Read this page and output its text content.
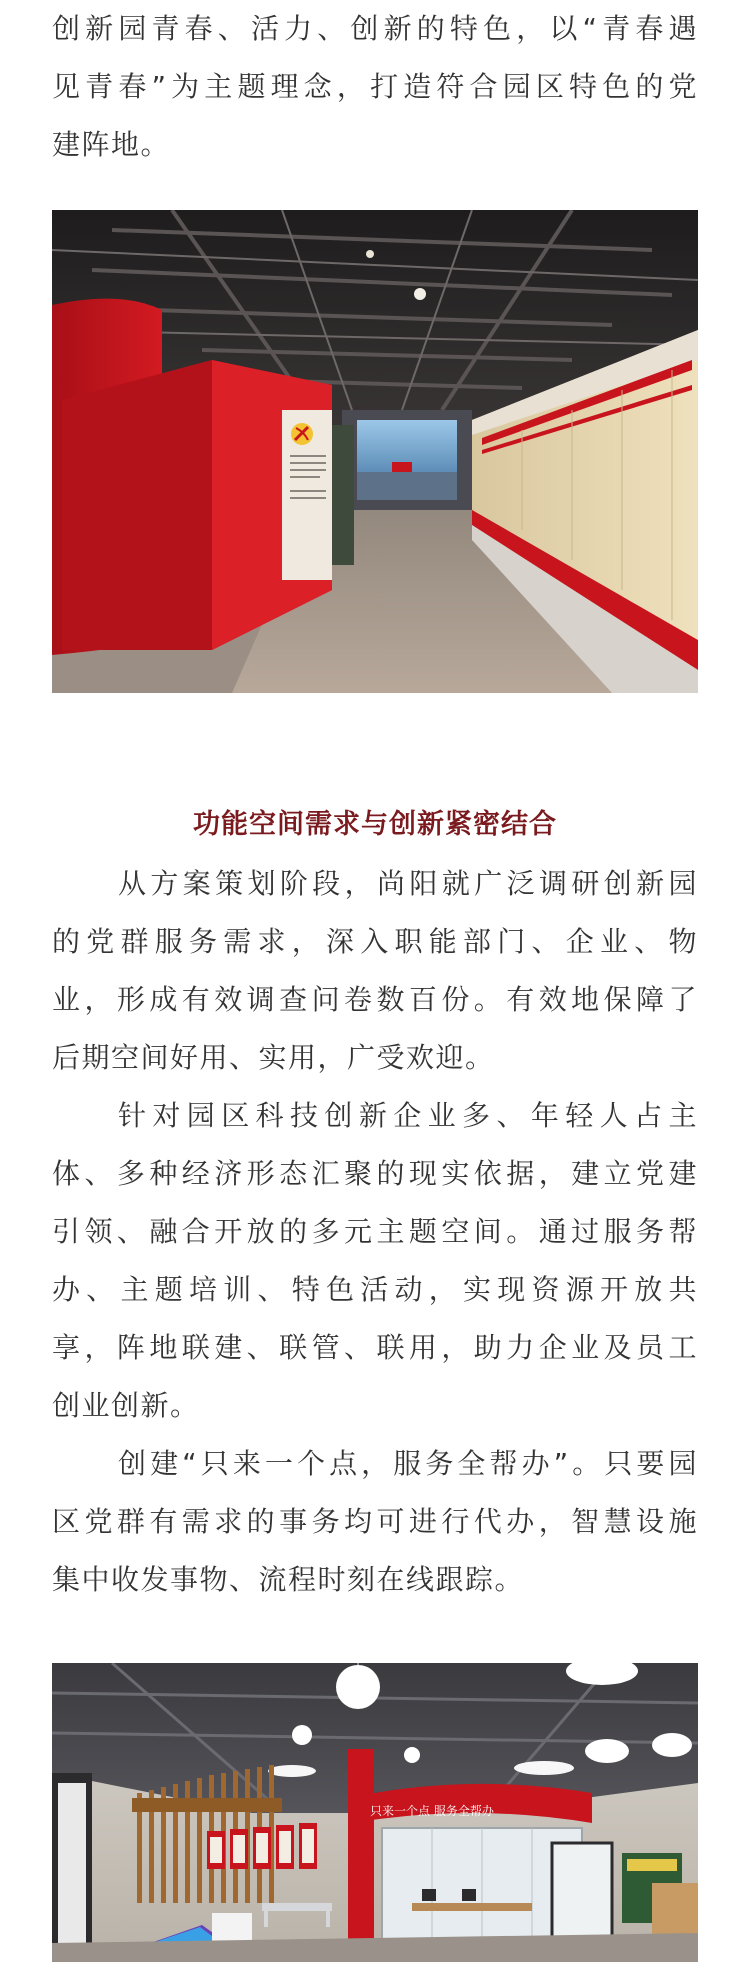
创新园青春、活力、创新的特色，以“青春遇

见青春”为主题理念，打造符合园区特色的党

建阵地。

功能空间需求与创新紧密结合

从方案策划阶段，尚阳就广泛调研创新园

的党群服务需求，深入职能部门、企业、物

业，形成有效调查问卷数百份。有效地保障了

后期空间好用、实用，广受欢迎。

针对园区科技创新企业多、年轻人占主

体、多种经济形态汇聚的现实依据，建立党建

引领、融合开放的多元主题空间。通过服务帮

办、主题培训、特色活动，实现资源开放共

享，阵地联建、联管、联用，助力企业及员工

创业创新。

创建“只来一个点，服务全帮办”。只要园

区党群有需求的事务均可进行代办，智慧设施

集中收发事物、流程时刻在线跟踪。

只来一个点 服务全帮办
